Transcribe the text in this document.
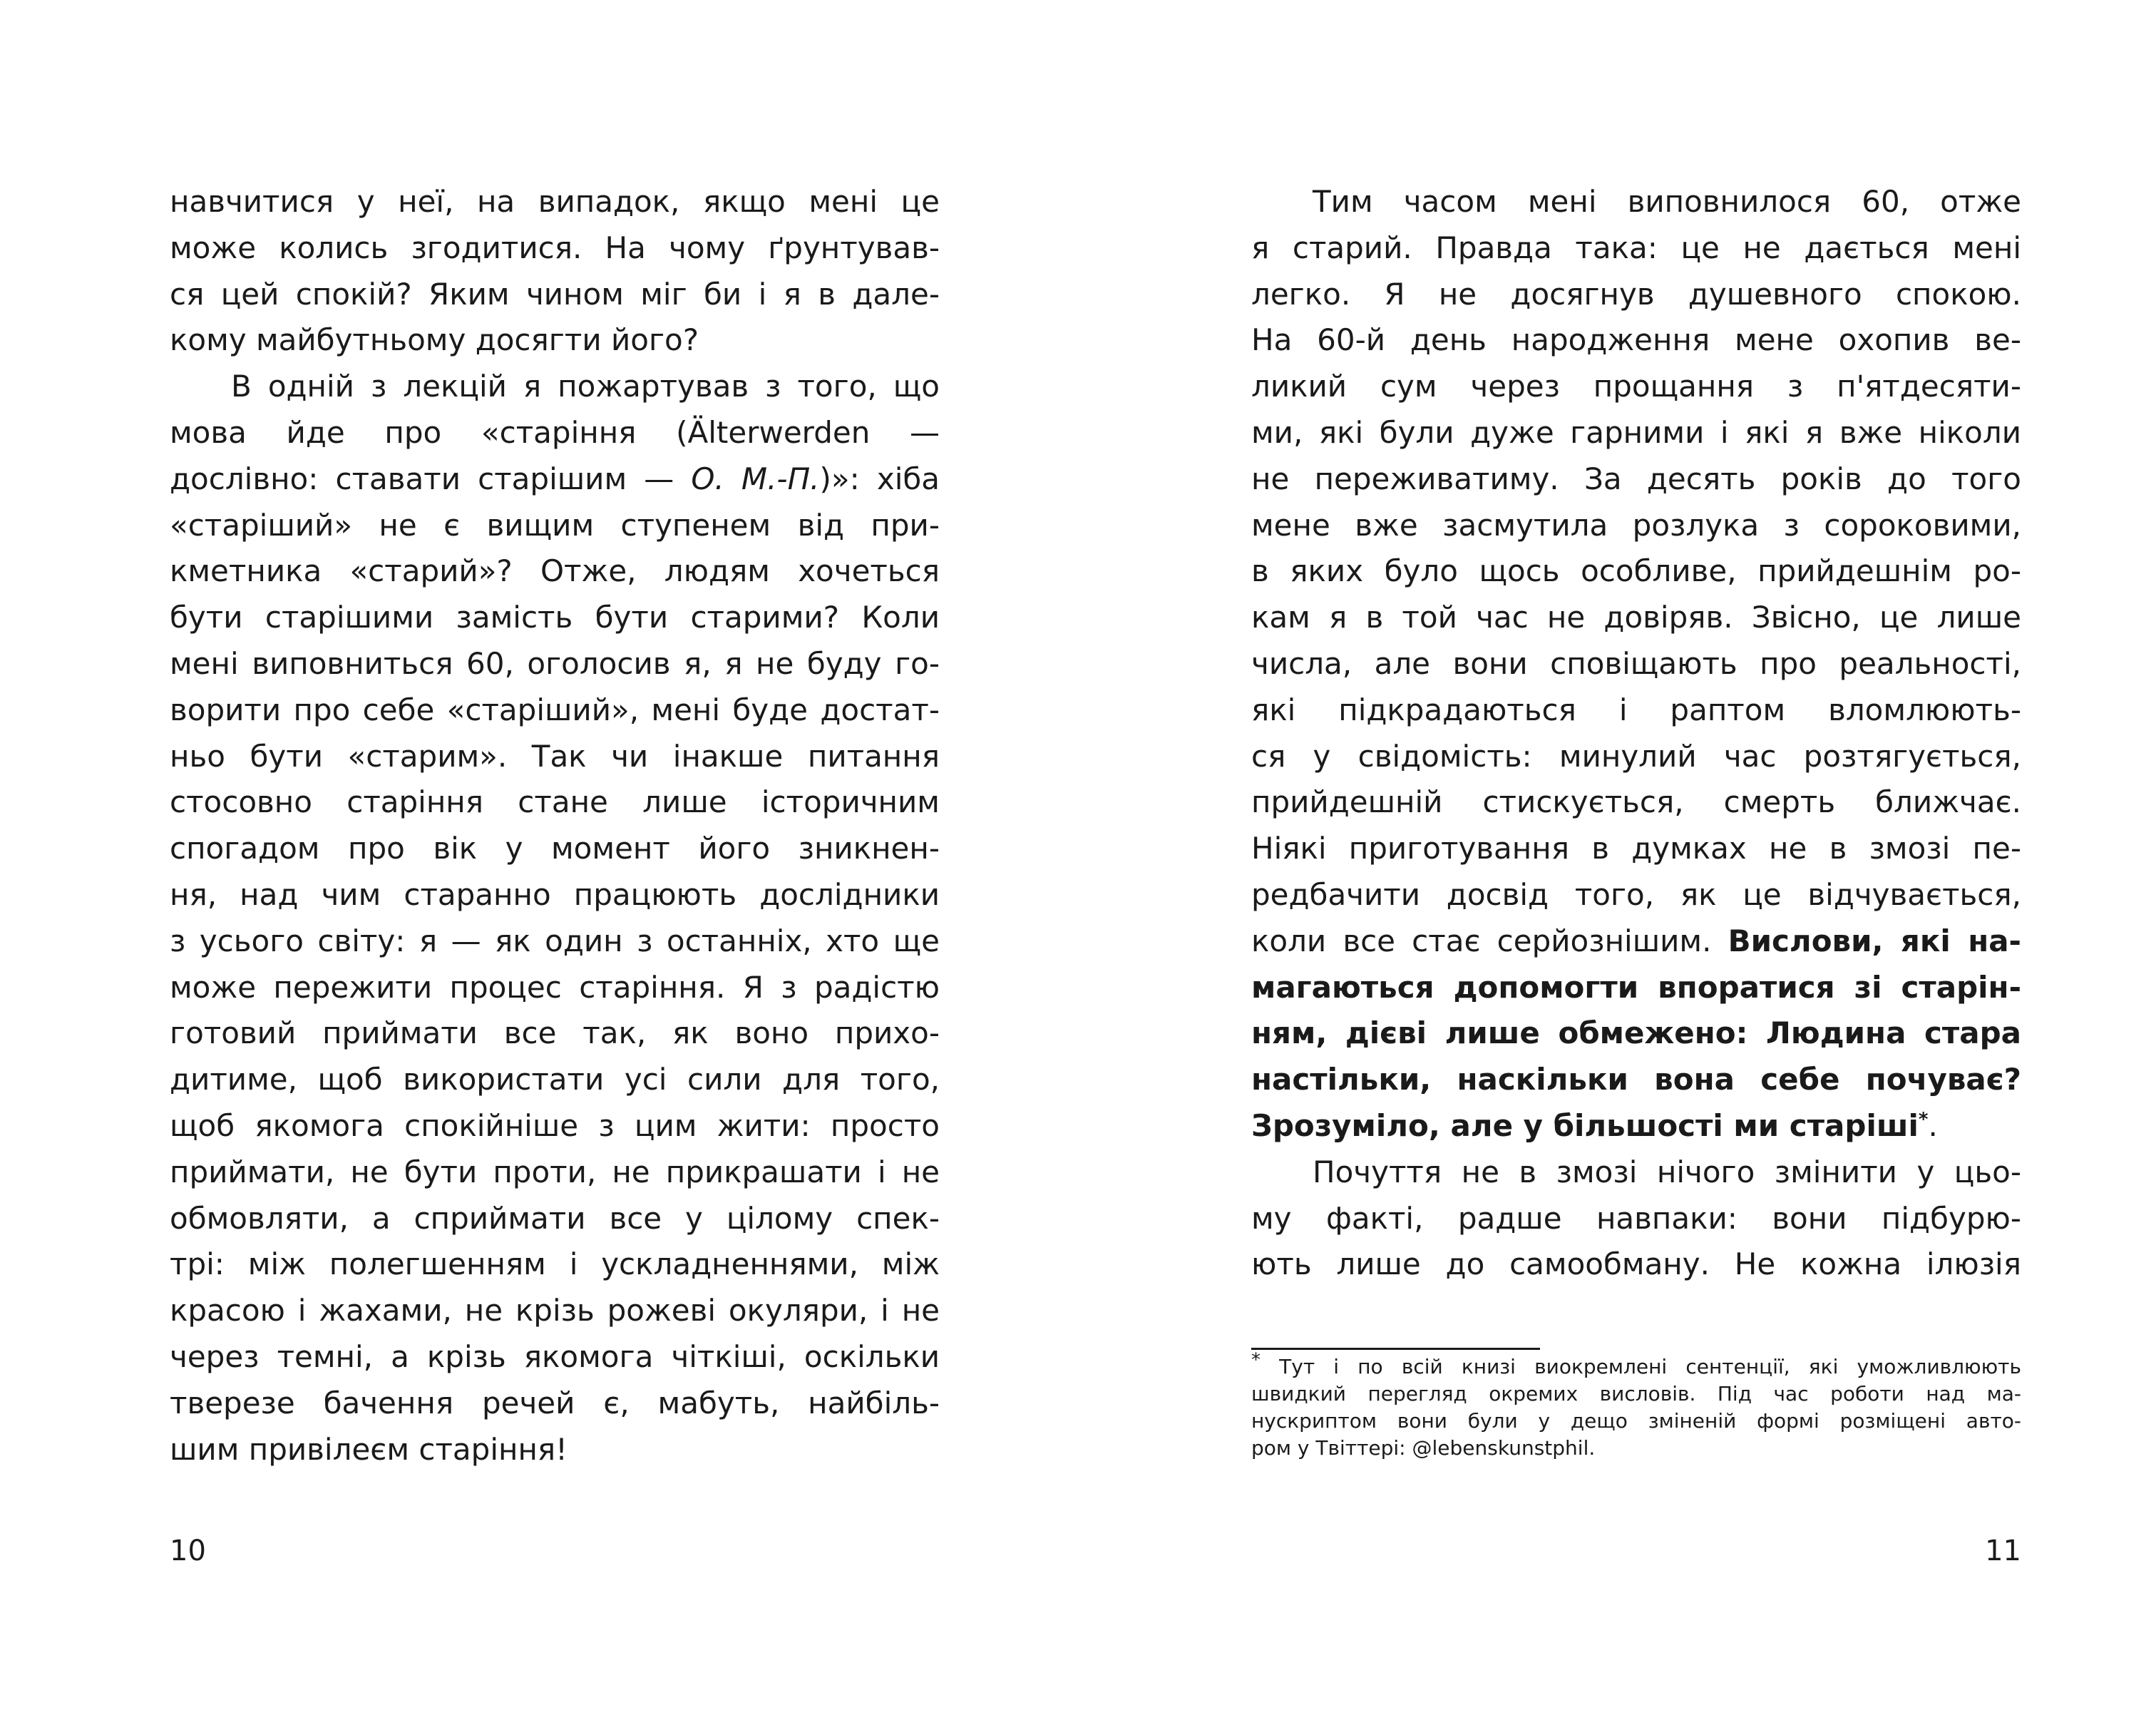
навчитися у неї, на випадок, якщо мені це
може колись згодитися. На чому ґрунтував-
ся цей спокій? Яким чином міг би і я в дале-
кому майбутньому досягти його?
В одній з лекцій я пожартував з того, що
мова йде про «старіння (Älterwerden —
дослівно: ставати старішим — О. М.-П.)»: хіба
«старіший» не є вищим ступенем від при-
кметника «старий»? Отже, людям хочеться
бути старішими замість бути старими? Коли
мені виповниться 60, оголосив я, я не буду го-
ворити про себе «старіший», мені буде достат-
ньо бути «старим». Так чи інакше питання
стосовно старіння стане лише історичним
спогадом про вік у момент його зникнен-
ня, над чим старанно працюють дослідники
з усього світу: я — як один з останніх, хто ще
може пережити процес старіння. Я з радістю
готовий приймати все так, як воно прихо-
дитиме, щоб використати усі сили для того,
щоб якомога спокійніше з цим жити: просто
приймати, не бути проти, не прикрашати і не
обмовляти, а сприймати все у цілому спек-
трі: між полегшенням і ускладненнями, між
красою і жахами, не крізь рожеві окуляри, і не
через темні, а крізь якомога чіткіші, оскільки
тверезе бачення речей є, мабуть, найбіль-
шим привілеєм старіння!
10
Тим часом мені виповнилося 60, отже
я старий. Правда така: це не дається мені
легко. Я не досягнув душевного спокою.
На 60-й день народження мене охопив ве-
ликий сум через прощання з п'ятдесяти-
ми, які були дуже гарними і які я вже ніколи
не переживатиму. За десять років до того
мене вже засмутила розлука з сороковими,
в яких було щось особливе, прийдешнім ро-
кам я в той час не довіряв. Звісно, це лише
числа, але вони сповіщають про реальності,
які підкрадаються і раптом вломлюють-
ся у свідомість: минулий час розтягується,
прийдешній стискується, смерть ближчає.
Ніякі приготування в думках не в змозі пе-
редбачити досвід того, як це відчувається,
коли все стає серйознішим. Вислови, які на-
магаються допомогти впоратися зі старін-
ням, дієві лише обмежено: Людина стара
настільки, наскільки вона себе почуває?
Зрозуміло, але у більшості ми старіші*.
Почуття не в змозі нічого змінити у цьо-
му факті, радше навпаки: вони підбурю-
ють лише до самообману. Не кожна ілюзія
* Тут і по всій книзі виокремлені сентенції, які уможливлюють
швидкий перегляд окремих висловів. Під час роботи над ма-
нускриптом вони були у дещо зміненій формі розміщені авто-
ром у Твіттері: @lebenskunstphil.
11
